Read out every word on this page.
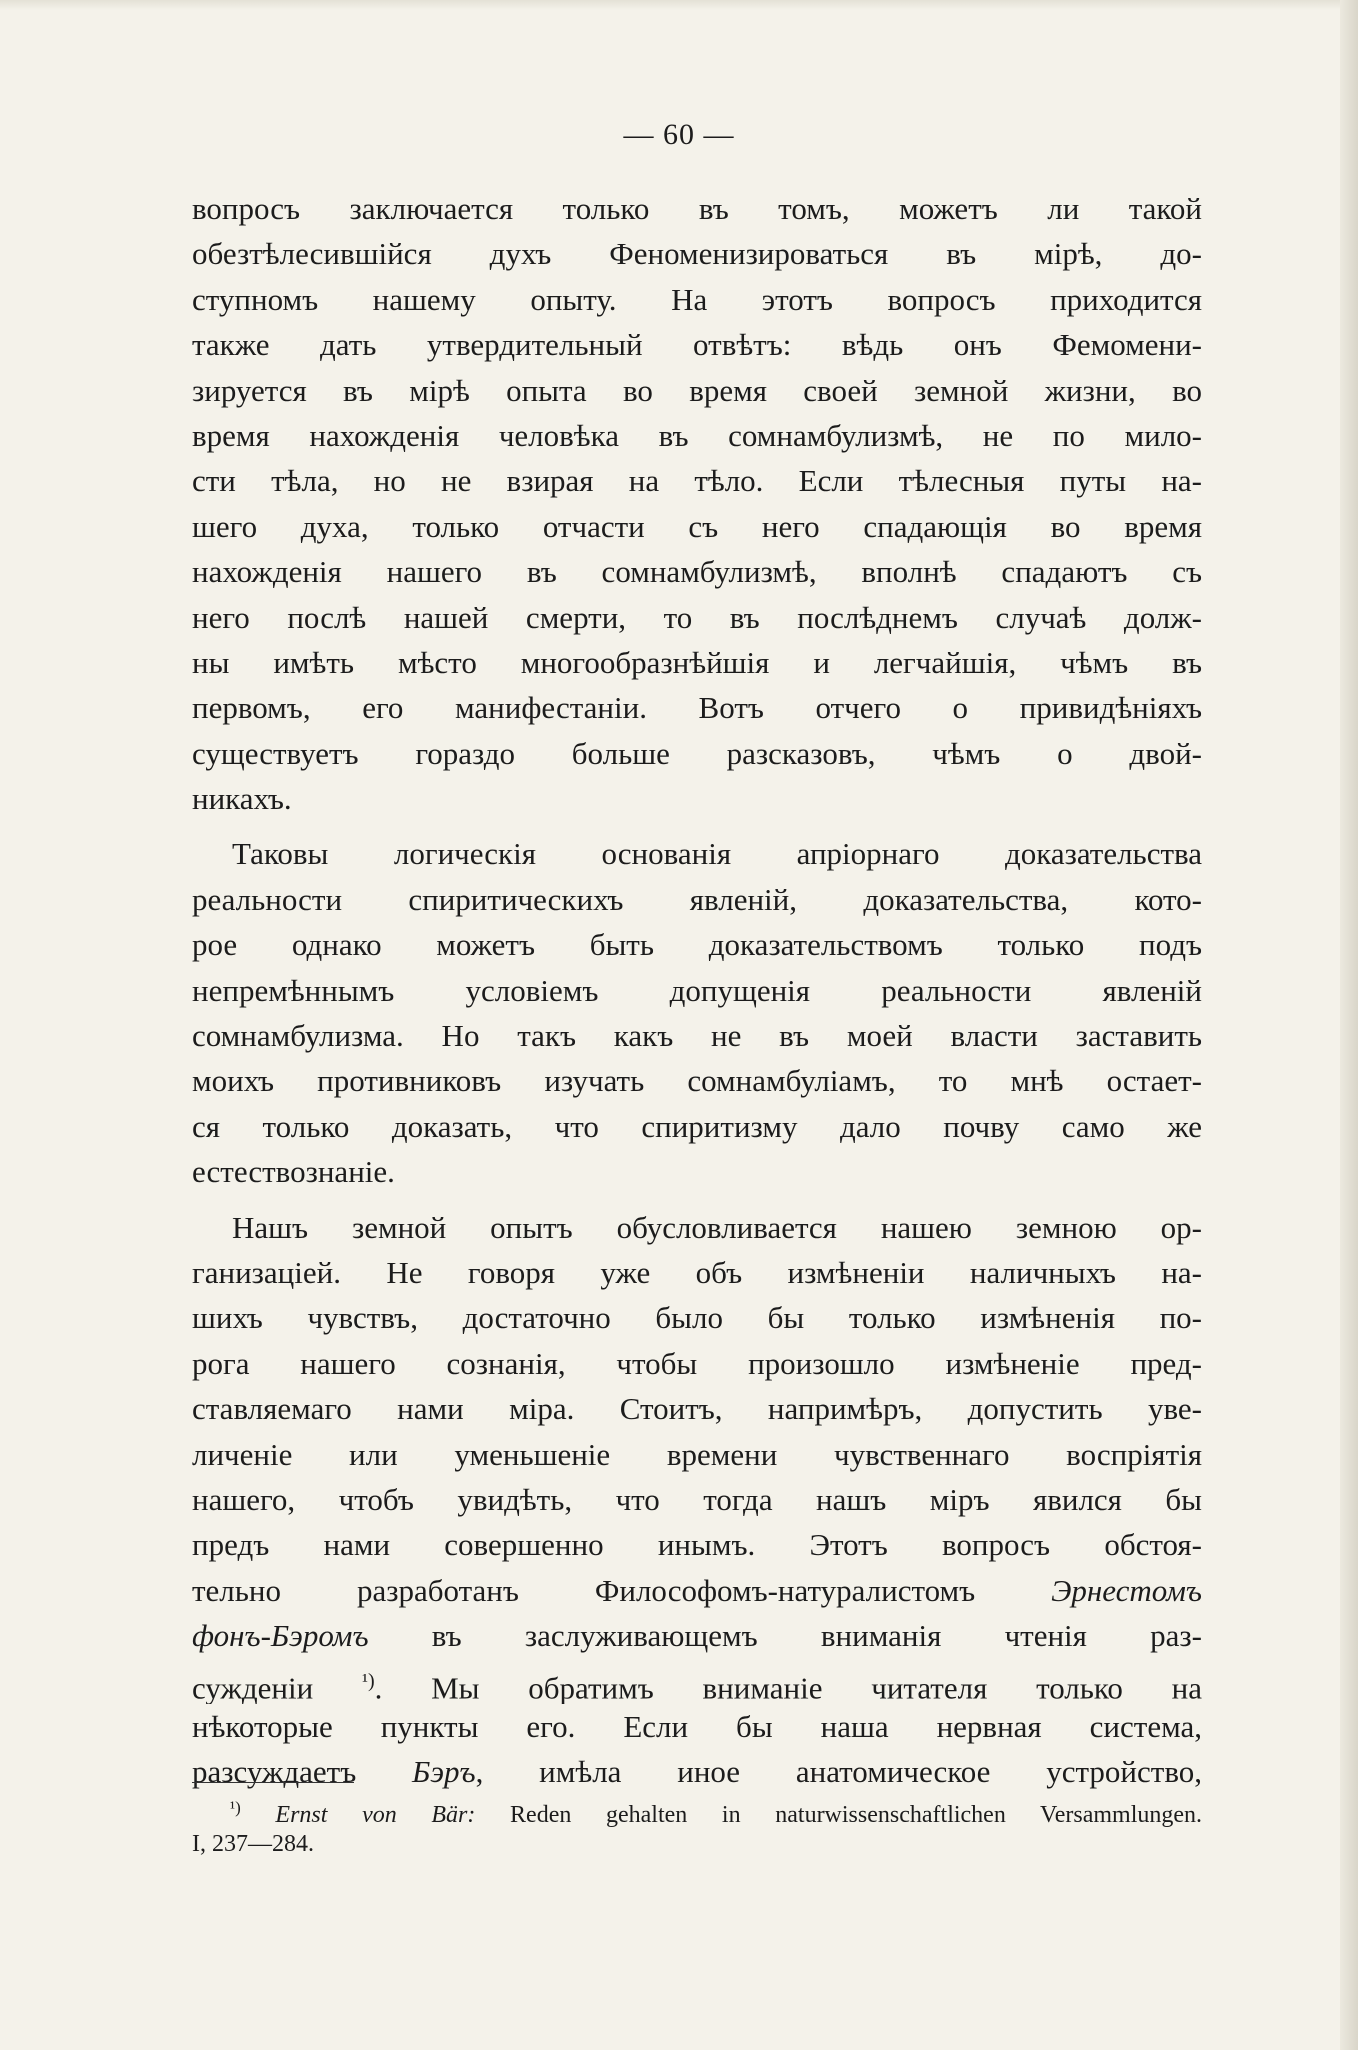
— 60 —
вопросъ заключается только въ томъ, можетъ ли такой
обезтѣлесившiйся духъ Феноменизироваться въ мiрѣ, до-
ступномъ нашему опыту. На этотъ вопросъ приходится
также дать утвердительный отвѣтъ: вѣдь онъ Фемомени-
зируется въ мiрѣ опыта во время своей земной жизни, во
время нахожденiя человѣка въ сомнамбулизмѣ, не по мило-
сти тѣла, но не взирая на тѣло. Если тѣлесныя путы на-
шего духа, только отчасти съ него спадающiя во время
нахожденiя нашего въ сомнамбулизмѣ, вполнѣ спадаютъ съ
него послѣ нашей смерти, то въ послѣднемъ случаѣ долж-
ны имѣть мѣсто многообразнѣйшiя и легчайшiя, чѣмъ въ
первомъ, его манифестанiи. Вотъ отчего о привидѣнiяхъ
существуетъ гораздо больше разсказовъ, чѣмъ о двой-
никахъ.
Таковы логическiя основанiя апрiорнаго доказательства
реальности спиритическихъ явленiй, доказательства, кото-
рое однако можетъ быть доказательствомъ только подъ
непремѣннымъ условiемъ допущенiя реальности явленiй
сомнамбулизма. Но такъ какъ не въ моей власти заставить
моихъ противниковъ изучать сомнамбулiамъ, то мнѣ остает-
ся только доказать, что спиритизму дало почву само же
естествознанiе.
Нашъ земной опытъ обусловливается нашею земною ор-
ганизацiей. Не говоря уже объ измѣненiи наличныхъ на-
шихъ чувствъ, достаточно было бы только измѣненiя по-
рога нашего сознанiя, чтобы произошло измѣненiе пред-
ставляемаго нами мiра. Стоитъ, напримѣръ, допустить уве-
личенiе или уменьшенiе времени чувственнаго воспрiятiя
нашего, чтобъ увидѣть, что тогда нашъ мiръ явился бы
предъ нами совершенно инымъ. Этотъ вопросъ обстоя-
тельно разработанъ Философомъ-натуралистомъ Эрнестомъ
фонъ-Бэромъ въ заслуживающемъ вниманiя чтенiя раз-
сужденiи $^{^1)}$. Мы обратимъ вниманiе читателя только на
нѣкоторые пункты его. Если бы наша нервная система,
разсуждаетъ Бэръ, имѣла иное анатомическое устройство,
$^{^1)}$ Ernst von Bär: Reden gehalten in naturwissenschaftlichen Versammlungen.
I, 237—284.
